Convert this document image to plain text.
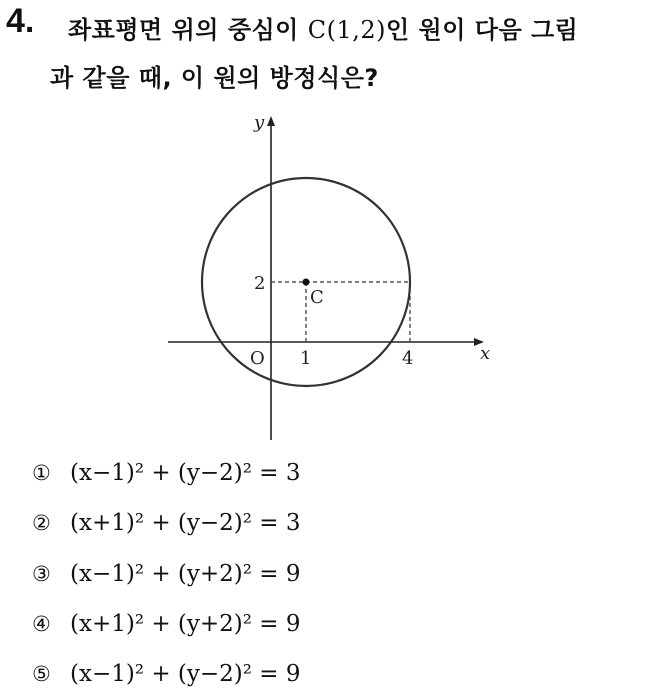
4. 좌표평면 위의 중심이 C(1,2)인 원이 다음 그림
과 같을 때, 이 원의 방정식은?
y
x
O
C
1	4
2
① (x−1)² + (y−2)² = 3
② (x+1)² + (y−2)² = 3
③ (x−1)² + (y+2)² = 9
④ (x+1)² + (y+2)² = 9
⑤ (x−1)² + (y−2)² = 9
